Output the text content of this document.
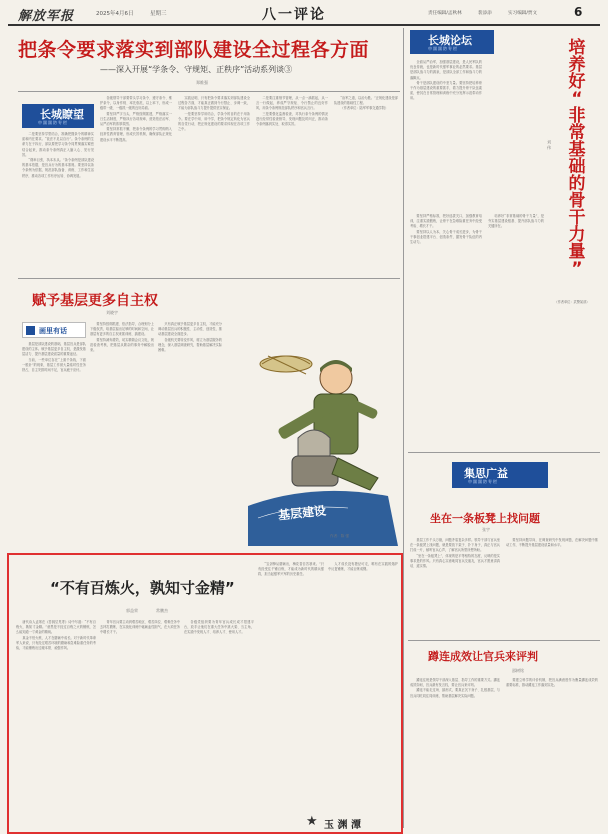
解放军报	2025年4月6日	星期三	八一评论	责任编辑/孟秋林	裴添添	实习编辑/贾文	6
把条令要求落实到部队建设全过程各方面
——深入开展“学条令、守规矩、正秩序”活动系列谈③
郑维强
长城瞭望
中国国防专栏

二是要坚持学思结合，准确把握条令的精神实质和内在要求。“徒法不足以自行”。条令条例的生命力在于执行，部队要把学习条令同贯彻落实紧密结合起来，推动条令条例真正入脑入心、见行见效。

“纲举目张，执本末从。”条令条例是部队建设的基本依据，是官兵行为的基本准则。要坚持以条令条例为依据，规范部队战备、训练、工作和生活秩序，推动各项工作有序运转、协调发展。

各级领导干部要带头学习条令、遵守条令、维护条令，以身作则、率先垂范，以上率下，形成一级带一级、一级抓一级的良好局面。

要坚持严字当头，严格按纲抓建，严格落实一日生活制度，严格执行各项规章，营造依法治军、从严治军的浓厚氛围。

要坚持常抓不懈，把条令条例的学习贯彻纳入经常性教育管理，形成长效机制，确保部队正规化建设水平不断提高。

实践证明，只有把条令要求落实到部队建设全过程各方面，才能真正做到令行禁止、步调一致，才能为部队战斗力提升提供坚实保证。

一是要坚持学用结合，学条令的目的在于用条令。要在学中用、用中学，把条令规定转化为官兵的自觉行动，把正规化建设的要求体现在各项工作之中。

二是要注重细节管理，从一点一滴抓起，从一言一行做起，养成严守规矩、令行禁止的良好作风，用条令条例规范部队秩序和官兵言行。

三是要强化监督检查，对执行条令条例的情况进行经常性检查督导，发现问题及时纠正，推动条令条例落到实处、取得实效。

“治军之道，以治为胜。”正规化建设是部队建设的基础性工程。

（作者单位：陆军军事交通学院）

长城论坛
中国国防专栏	培
养
好
“
非
常
基
础
的
骨
干
力
量
”
刘 伟

全面从严治军，加强基层建设，是人民军队的优良传统，也是新时代强军事业的必然要求。基层是部队战斗力的源泉，是部队全部工作和战斗力的落脚点。

骨干是部队建设的中坚力量。要坚持把培养骨干作为基层建设的重要抓手，着力提升骨干队伍素质，使其在日常管理和训练中充分发挥示范带动作用。

要坚持严格标准，把好选拔关口，加强教育培训，注重实践锻炼，让骨干在急难险重任务中经受考验、增长才干。

要坚持以人为本，关心骨干成长进步，为骨干干事创业搭建平台、创造条件，激发骨干队伍的内生动力。

培养好“非常基础的骨干力量”，是夯实基层建设根基、提升部队战斗力的关键所在。

（作者单位：武警某部）

赋予基层更多自主权
刘晓宇
画里有话

基层是部队建设的基础，基层官兵是部队建设的主体。赋予基层更多自主权，是激发基层活力、提升基层建设质量的重要途径。

当前，一些单位存在“上面千条线，下面一根针”的现象，基层工作被大量临时性任务挤占，自主安排时间不足，官兵疲于应付。

要坚持按纲抓建、依法指导，合理划分上下级权责，给基层留出足够的时间和空间，让基层有更多的自主权来抓训练、搞建设。

要坚持减负增效，切实精简会议文电，规范检查考核，把基层从繁杂的事务中解脱出来。

只有真正赋予基层更多自主权，才能充分调动基层官兵的积极性、主动性、创造性，推动基层建设全面进步。

各级机关要转变作风，树立为基层服务的理念，深入基层调查研究，帮助基层解决实际困难。

基层建设
作者：陈 强
集思广益
中国国防专栏
坐在一条板凳上找问题
张宇

基层工作千头万绪，问题矛盾复杂多样。领导干部与官兵坐在一条板凳上找问题，就是要放下架子、扑下身子，真正与官兵打成一片，倾听官兵心声，了解官兵所思所想所盼。

“坐在一条板凳上”，体现的是平等相待的态度，反映的是实事求是的作风。只有真心实意地同官兵交朋友，官兵才愿意讲真话、道实情。

要坚持问题导向，在调查研究中发现问题，在解决问题中推动工作，不断提升基层建设质量和水平。

蹲连成效让官兵来评判
邵树铭

蹲连住班是领导干部深入基层、指导工作的重要方式。蹲连成效如何，官兵最有发言权，要让官兵来评判。

蹲连不能走过场、搞形式，要真正沉下身子、扎根基层，与官兵同吃同住同训练，帮助基层解决实际问题。

要建立科学的评价机制，把官兵满意度作为衡量蹲连成效的重要标准，推动蹲连工作落到实处。

“不有百炼火，孰知寸金精”
郭益荣	常鹏杰

唐代诗人孟郊在《答姚怤见寄》诗中写道：“不有百炼火，孰知寸金精。”意思是不经过百炼之火的锤炼，怎么能知道一寸黄金的精纯。

真金不怕火炼，人才在磨砺中成长。对于新时代革命军人来说，只有经过艰苦环境的磨砺和急难险重任务的考验，才能锤炼出过硬本领、顽强作风。

青年官兵要主动到艰苦地区、艰苦岗位、艰难任务中去摔打磨炼，在实战化训练中砥砺血性胆气，在大项任务中增长才干。

各级党组织要为青年官兵成长成才搭建平台，放手让他们在重大任务中挑大梁、当主角，在实践中发现人才、培养人才、使用人才。

“宝剑锋从磨砺出，梅花香自苦寒来。”只有经受住千锤百炼，才能成为新时代的精兵强将，担当起强军兴军的历史重任。

人才成长没有捷径可走，唯有在实践的熔炉中反复锤炼，才能百炼成钢。

★ 玉 渊 潭
